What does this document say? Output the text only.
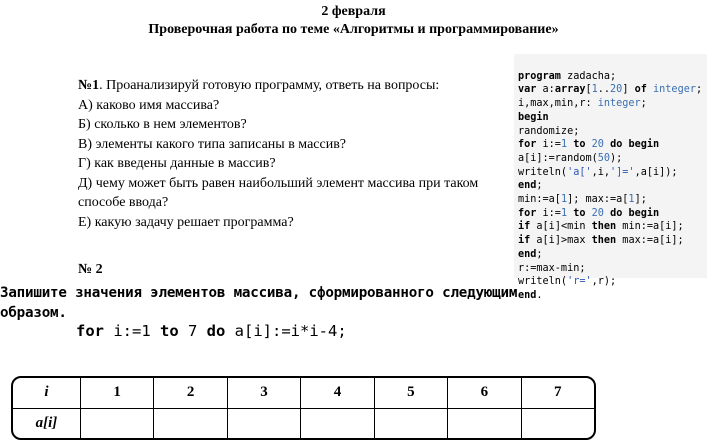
2 февраля
Проверочная работа по теме «Алгоритмы и программирование»
№1. Проанализируй готовую программу, ответь на вопросы:
А) каково имя массива?
Б) сколько в нем элементов?
В) элементы какого типа записаны в массив?
Г) как введены данные в массив?
Д) чему может быть равен наибольший элемент массива при таком способе ввода?
Е) какую задачу решает программа?

program zadacha;
var a:array[1..20] of integer;
i,max,min,r: integer;
begin
randomize;
for i:=1 to 20 do begin
a[i]:=random(50);
writeln('a[',i,']=',a[i]);
end;
min:=a[1]; max:=a[1];
for i:=1 to 20 do begin
if a[i]<min then min:=a[i];
if a[i]>max then max:=a[i];
end;
r:=max-min;
writeln('r=',r);
end.

№ 2
Запишите значения элементов массива, сформированного следующим образом.
for i:=1 to 7 do a[i]:=i*i-4;
i	1	2	3	4	5	6	7
a[i]							
